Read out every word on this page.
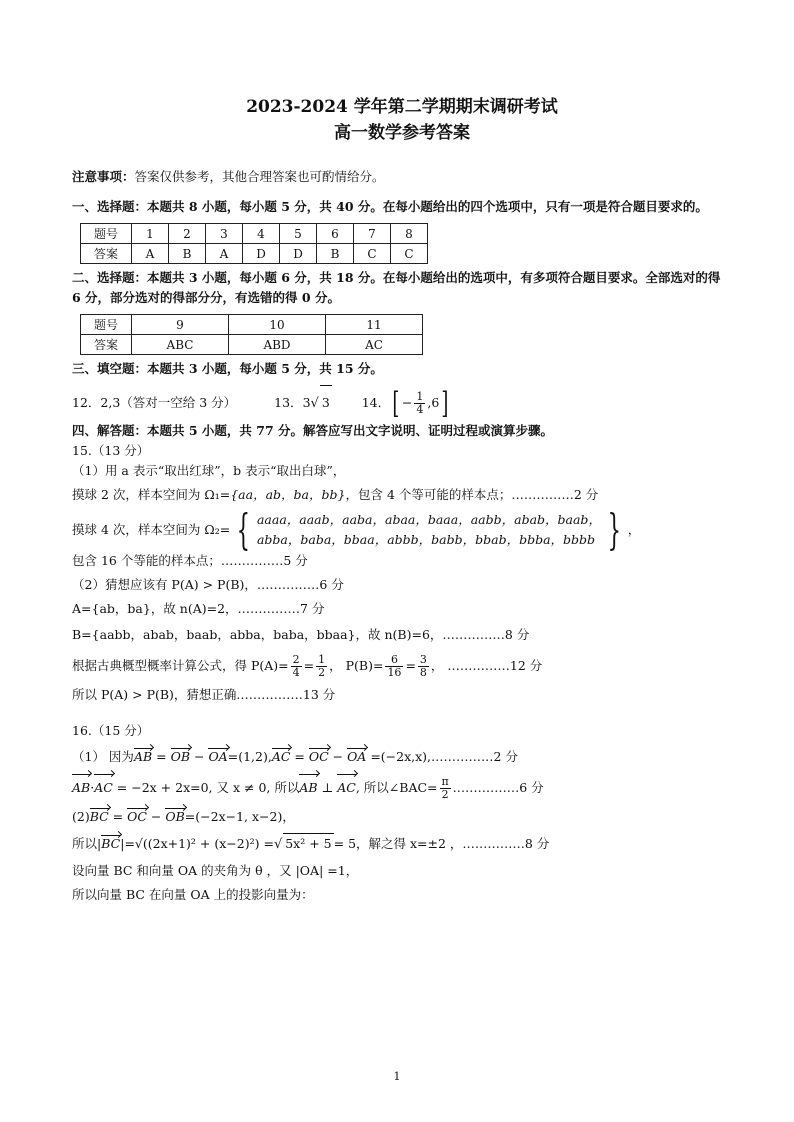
2023-2024 学年第二学期期末调研考试
高一数学参考答案
注意事项：答案仅供参考，其他合理答案也可酌情给分。
一、选择题：本题共 8 小题，每小题 5 分，共 40 分。在每小题给出的四个选项中，只有一项是符合题目要求的。
题号	1	2	3	4	5	6	7	8
答案	A	B	A	D	D	B	C	C
二、选择题：本题共 3 小题，每小题 6 分，共 18 分。在每小题给出的选项中，有多项符合题目要求。全部选对的得 6 分，部分选对的得部分分，有选错的得 0 分。
题号	9	10	11
答案	ABC	ABD	AC
三、填空题：本题共 3 小题，每小题 5 分，共 15 分。
12．2,3（答对一空给 3 分）	13．3√ 3	14．[ − $\frac{1}{4} ,6$]
四、解答题：本题共 5 小题，共 77 分。解答应写出文字说明、证明过程或演算步骤。
15.（13 分）
（1）用 a 表示“取出红球”，b 表示“取出白球”，
摸球 2 次，样本空间为 Ω₁={aa，ab，ba，bb}，包含 4 个等可能的样本点；……………2 分
摸球 4 次，样本空间为 Ω₂= { aaaa，aaab，aaba，abaa，baaa，aabb，abab，baab，
abba，baba，bbaa，abbb，babb，bbab，bbba，bbbb } ，
包含 16 个等能的样本点；……………5 分
（2）猜想应该有 P(A) > P(B)，……………6 分
A={ab，ba}，故 n(A)=2，……………7 分
B={aabb，abab，baab，abba，baba，bbaa}，故 n(B)=6，……………8 分
根据古典概型概率计算公式，得 $P(A)= \frac{2}{4} = \frac{1}{2}$ ， $P(B)= \frac{6}{16} = \frac{3}{8}$ ， ……………12 分
所以 P(A) > P(B)，猜想正确.……………13 分
16.（15 分）
（1） 因为AB = OB − OA=(1,2),AC = OC − OA =(−2x,x),……………2 分
AB·AC = −2x + 2x=0, 又 x ≠ 0, 所以AB ⊥ AC, 所以∠BAC= $\frac{\pi}{2}$ .……………6 分
(2)BC = OC − OB=(−2x−1, x−2)，
所以|BC|=√((2x+1)² + (x−2)²) =√ 5x² + 5 = 5，解之得 x=±2 ，……………8 分
设向量 BC 和向量 OA 的夹角为 θ ，又 |OA| =1，
所以向量 BC 在向量 OA 上的投影向量为：
1
